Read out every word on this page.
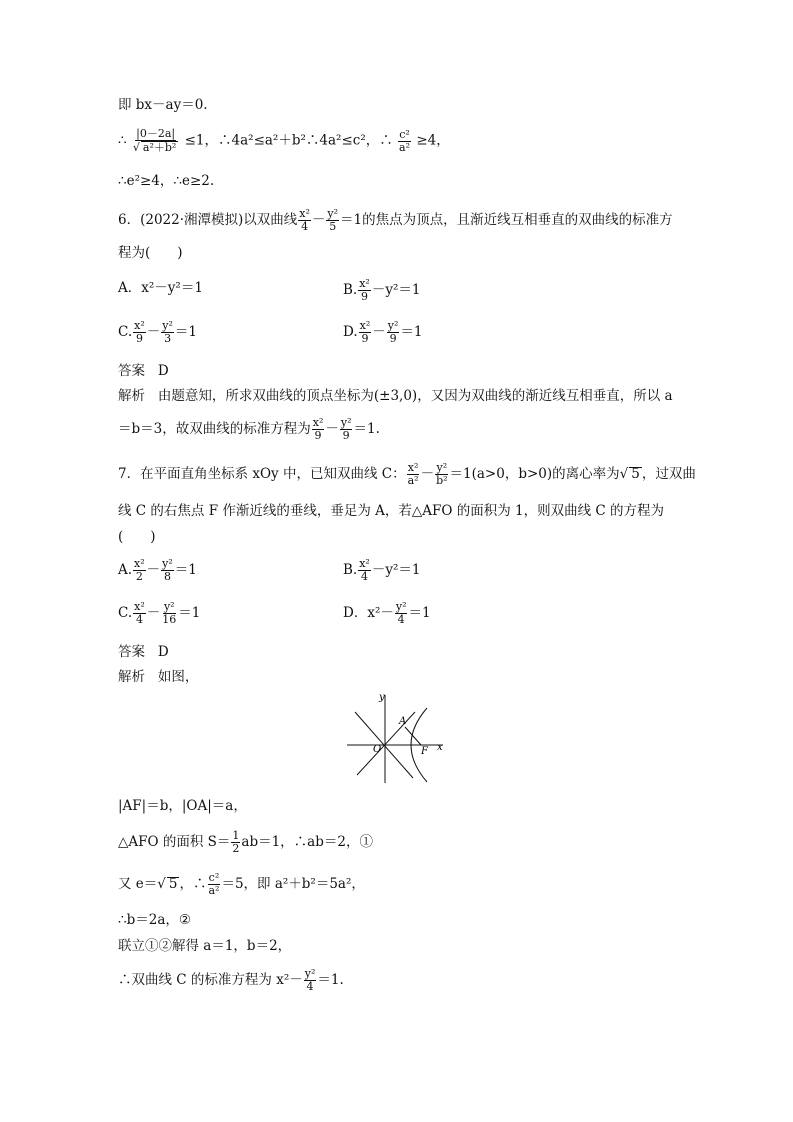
即 bx－ay＝0.
∴ $\frac{|0-2a|}{\text{√ a²＋b²}} \le 1$，∴4a²≤a²＋b²∴4a²≤c²，∴ $\frac{\text{c²}}{\text{a²}} \ge 4$，
∴e²≥4，∴e≥2.
6．(2022·湘潭模拟)以双曲线 $\frac{\text{x²}}{4} - \frac{\text{y²}}{5} =1$的焦点为顶点，且渐近线互相垂直的双曲线的标准方
程为(　　)
A．x²－y²＝1	B. $\frac{\text{x²}}{9} -y^2=1$
C. $\frac{\text{x²}}{9} - \frac{\text{y²}}{3} =1$	D. $\frac{\text{x²}}{9} - \frac{\text{y²}}{9} =1$
答案 D
解析 由题意知，所求双曲线的顶点坐标为(±3,0)，又因为双曲线的渐近线互相垂直，所以 a
＝b＝3，故双曲线的标准方程为 $\frac{\text{x²}}{9} - \frac{\text{y²}}{9} =1$.
7．在平面直角坐标系 xOy 中，已知双曲线 C： $\frac{\text{x²}}{\text{a²}} - \frac{\text{y²}}{\text{b²}} =1(a>0$，b>0)的离心率为√ 5 ，过双曲
线 C 的右焦点 F 作渐近线的垂线，垂足为 A，若△AFO 的面积为 1，则双曲线 C 的方程为
(　　)
A. $\frac{\text{x²}}{2} - \frac{\text{y²}}{8} =1$	B. $\frac{\text{x²}}{4} -y^2=1$
C. $\frac{\text{x²}}{4} - \frac{\text{y²}}{16} =1$	D．$x^2- \frac{\text{y²}}{4} =1$
答案 D
解析 如图，
y
x
O
A
F
|AF|＝b，|OA|＝a，
△AFO 的面积 $S= \frac{1}{2} ab=1$，∴ab＝2，①
又 e＝√ 5 ，∴ $\frac{\text{c²}}{\text{a²}} =5$，即 a²＋b²＝5a²，
∴b＝2a，②
联立①②解得 a＝1，b＝2，
∴双曲线 C 的标准方程为 $x^2- \frac{\text{y²}}{4} =1$.
